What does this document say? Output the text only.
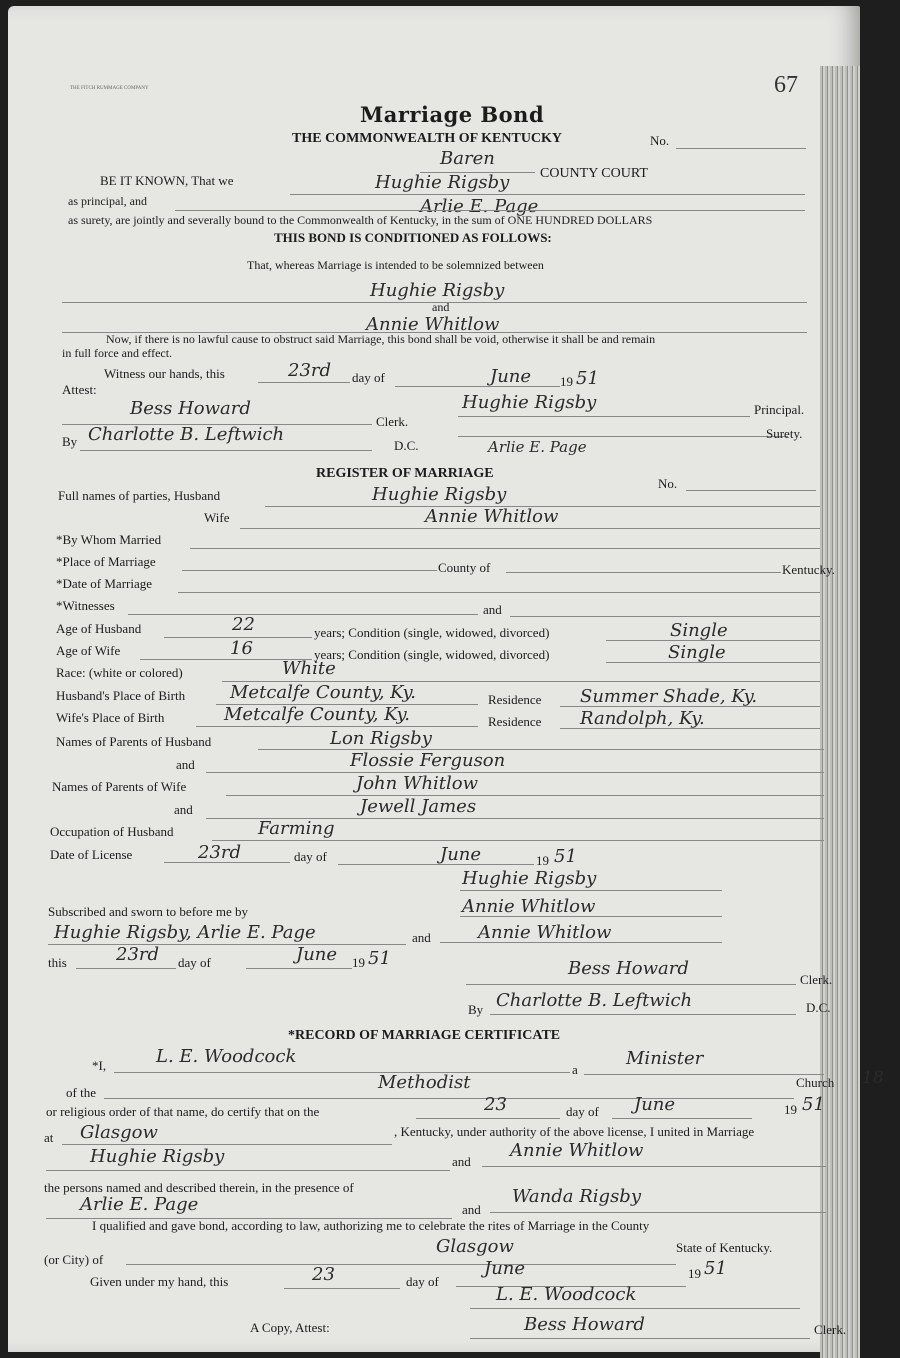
67
THE FITCH RUMMAGE COMPANY
Marriage Bond
THE COMMONWEALTH OF KENTUCKY	No.
Baren
COUNTY COURT
BE IT KNOWN, That we	Hughie Rigsby
as principal, and	Arlie E. Page
as surety, are jointly and severally bound to the Commonwealth of Kentucky, in the sum of ONE HUNDRED DOLLARS
THIS BOND IS CONDITIONED AS FOLLOWS:
That, whereas Marriage is intended to be solemnized between
Hughie Rigsby
and
Annie Whitlow
Now, if there is no lawful cause to obstruct said Marriage, this bond shall be void, otherwise it shall be and remain
in full force and effect.
Witness our hands, this	23rd day of	June 19 51
Attest:
Bess Howard
Clerk.
Hughie Rigsby	Principal.
By Charlotte B. Leftwich
D.C.	Arlie E. Page
Surety.
REGISTER OF MARRIAGE
No.
Full names of parties, Husband	Hughie Rigsby
Wife	Annie Whitlow
*By Whom Married
*Place of Marriage	County of	Kentucky.
*Date of Marriage
*Witnesses	and
Age of Husband	22	years; Condition (single, widowed, divorced)	Single
Age of Wife	16	years; Condition (single, widowed, divorced)	Single
Race: (white or colored)	White
Husband's Place of Birth Metcalfe County, Ky.	Residence Summer Shade, Ky.
Wife's Place of Birth	Metcalfe County, Ky.	Residence Randolph, Ky.
Names of Parents of Husband	Lon Rigsby
and	Flossie Ferguson
Names of Parents of Wife	John Whitlow
and	Jewell James
Occupation of Husband	Farming
Date of License	23rd	day of	June	19 51
Hughie Rigsby
Annie Whitlow
Subscribed and sworn to before me by
Hughie Rigsby, Arlie E. Page	and	Annie Whitlow
this	23rd day of	June 19 51	Bess Howard
Clerk.
By Charlotte B. Leftwich	D.C.
*RECORD OF MARRIAGE CERTIFICATE
*I,	L. E. Woodcock
a
Minister
of the	Methodist	Church 18
or religious order of that name, do certify that on the	23	day of June	19 51
at Glasgow	, Kentucky, under authority of the above license, I united in Marriage
Hughie Rigsby	and
Annie Whitlow
the persons named and described therein, in the presence of
Arlie E. Page	and
Wanda Rigsby
I qualified and gave bond, according to law, authorizing me to celebrate the rites of Marriage in the County
(or City) of
Glasgow	State of Kentucky.
Given under my hand, this	23	day of
June	19 51
L. E. Woodcock
A Copy, Attest:	Bess Howard	Clerk.
